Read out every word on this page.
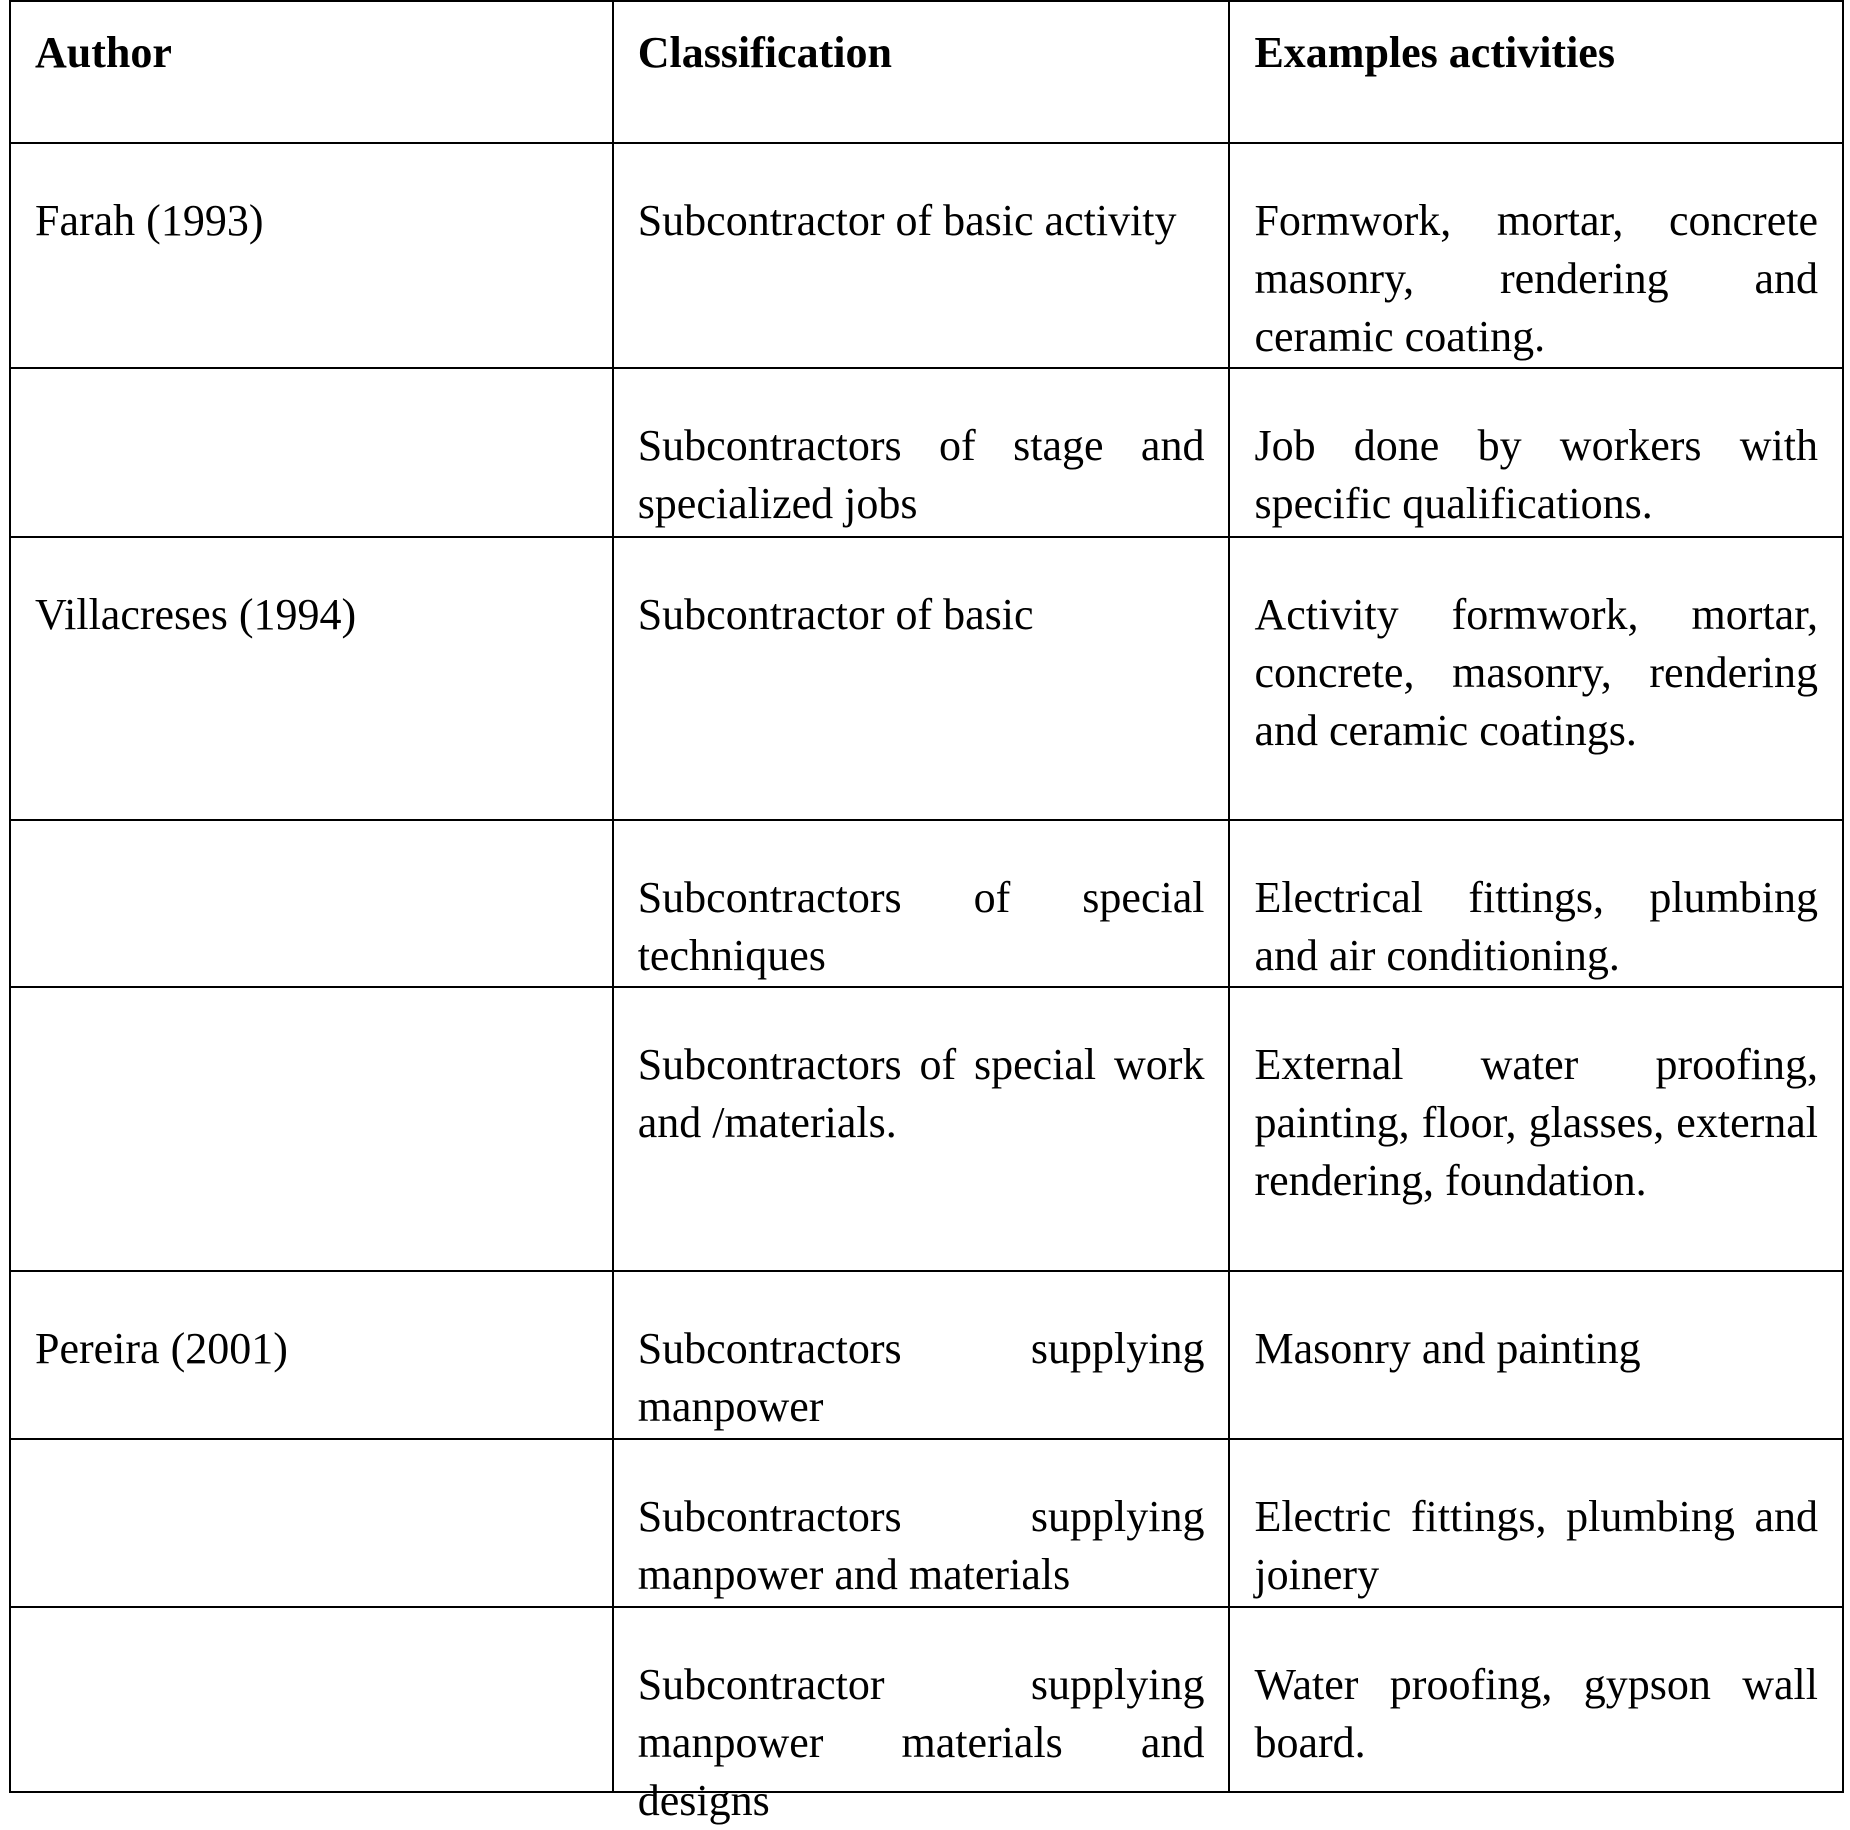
Author	Classification	Examples activities

Farah (1993)	Subcontractor of basic activity	Formwork, mortar, concrete masonry, rendering and ceramic coating.

	Subcontractors of stage and specialized jobs	Job done by workers with specific qualifications.

Villacreses (1994)	Subcontractor of basic	Activity formwork, mortar, concrete, masonry, rendering and ceramic coatings.

	Subcontractors of special techniques	Electrical fittings, plumbing and air conditioning.

	Subcontractors of special work and /materials.	External water proofing, painting, floor, glasses, external rendering, foundation.

Pereira (2001)	Subcontractors supplying manpower	Masonry and painting

	Subcontractors supplying manpower and materials	Electric fittings, plumbing and joinery

	Subcontractor supplying manpower materials and designs	Water proofing, gypson wall board.
